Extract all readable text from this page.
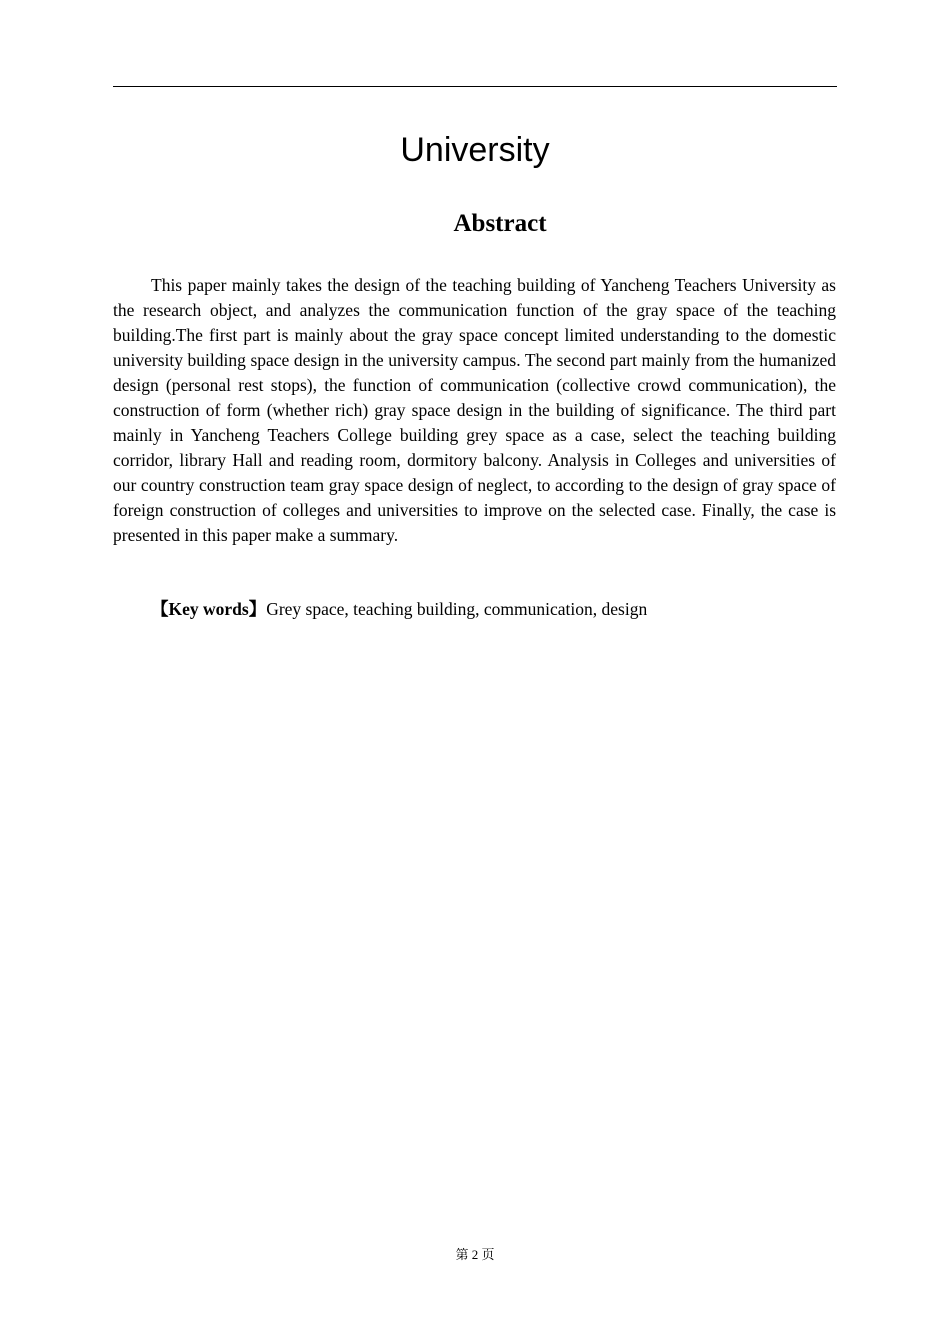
University
Abstract

This paper mainly takes the design of the teaching building of Yancheng Teachers University as the research object, and analyzes the communication function of the gray space of the teaching building.The first part is mainly about the gray space concept limited understanding to the domestic university building space design in the university campus. The second part mainly from the humanized design (personal rest stops), the function of communication (collective crowd communication), the construction of form (whether rich) gray space design in the building of significance. The third part mainly in Yancheng Teachers College building grey space as a case, select the teaching building corridor, library Hall and reading room, dormitory balcony. Analysis in Colleges and universities of our country construction team gray space design of neglect, to according to the design of gray space of foreign construction of colleges and universities to improve on the selected case. Finally, the case is presented in this paper make a summary.

【Key words】Grey space, teaching building, communication, design
第 2 页
